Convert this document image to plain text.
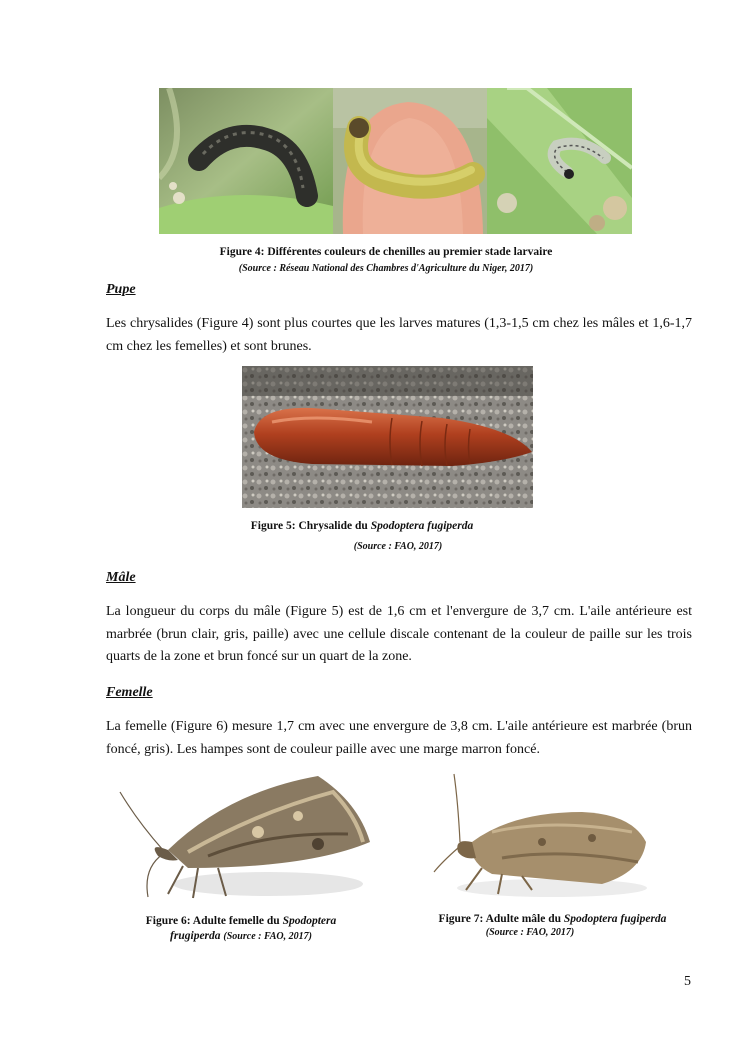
Figure 4: Différentes couleurs de chenilles au premier stade larvaire
(Source : Réseau National des Chambres d'Agriculture du Niger, 2017)
Pupe
Les chrysalides (Figure 4) sont plus courtes que les larves matures (1,3-1,5 cm chez les mâles et 1,6-1,7 cm chez les femelles) et sont brunes.
Figure 5: Chrysalide du Spodoptera fugiperda
(Source : FAO, 2017)
Mâle
La longueur du corps du mâle (Figure 5) est de 1,6 cm et l'envergure de 3,7 cm. L'aile antérieure est marbrée (brun clair, gris, paille) avec une cellule discale contenant de la couleur de paille sur les trois quarts de la zone et brun foncé sur un quart de la zone.
Femelle
La femelle (Figure 6) mesure 1,7 cm avec une envergure de 3,8 cm. L'aile antérieure est marbrée (brun foncé, gris). Les hampes sont de couleur paille avec une marge marron foncé.
Figure 6: Adulte femelle du Spodoptera
frugiperda (Source : FAO, 2017)
Figure 7: Adulte mâle du Spodoptera fugiperda
(Source : FAO, 2017)
5
